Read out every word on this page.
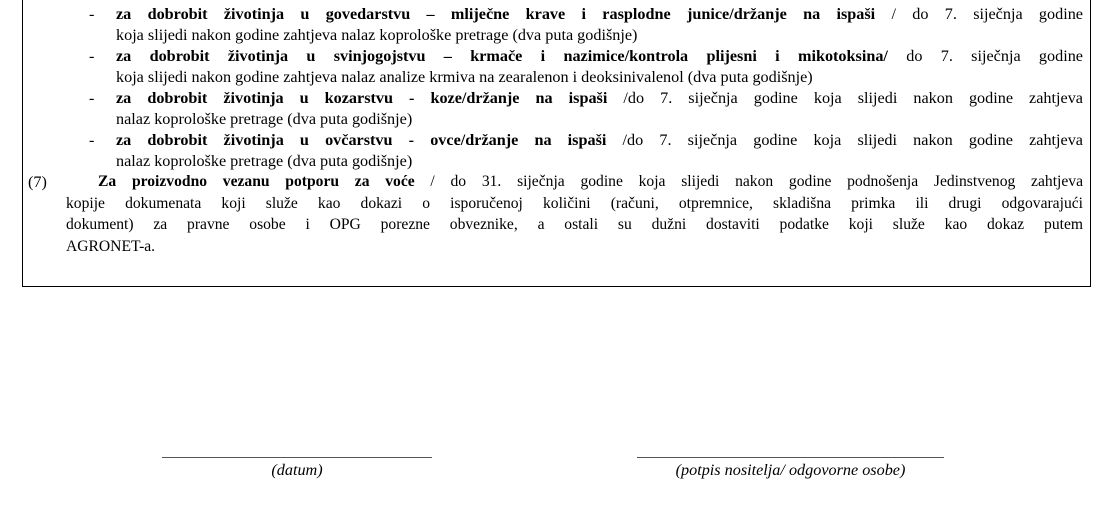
- za dobrobit životinja u govedarstvu – mliječne krave i rasplodne junice/držanje na ispaši / do 7. siječnja godine
koja slijedi nakon godine zahtjeva nalaz koprološke pretrage (dva puta godišnje)
- za dobrobit životinja u svinjogojstvu – krmače i nazimice/kontrola plijesni i mikotoksina/ do 7. siječnja godine
koja slijedi nakon godine zahtjeva nalaz analize krmiva na zearalenon i deoksinivalenol (dva puta godišnje)
- za dobrobit životinja u kozarstvu - koze/držanje na ispaši /do 7. siječnja godine koja slijedi nakon godine zahtjeva
nalaz koprološke pretrage (dva puta godišnje)
- za dobrobit životinja u ovčarstvu - ovce/držanje na ispaši /do 7. siječnja godine koja slijedi nakon godine zahtjeva
nalaz koprološke pretrage (dva puta godišnje)
(7)	Za proizvodno vezanu potporu za voće / do 31. siječnja godine koja slijedi nakon godine podnošenja Jedinstvenog zahtjeva
kopije dokumenata koji služe kao dokazi o isporučenoj količini (računi, otpremnice, skladišna primka ili drugi odgovarajući
dokument) za pravne osobe i OPG porezne obveznike, a ostali su dužni dostaviti podatke koji služe kao dokaz putem
AGRONET-a.
(datum)	(potpis nositelja/ odgovorne osobe)
